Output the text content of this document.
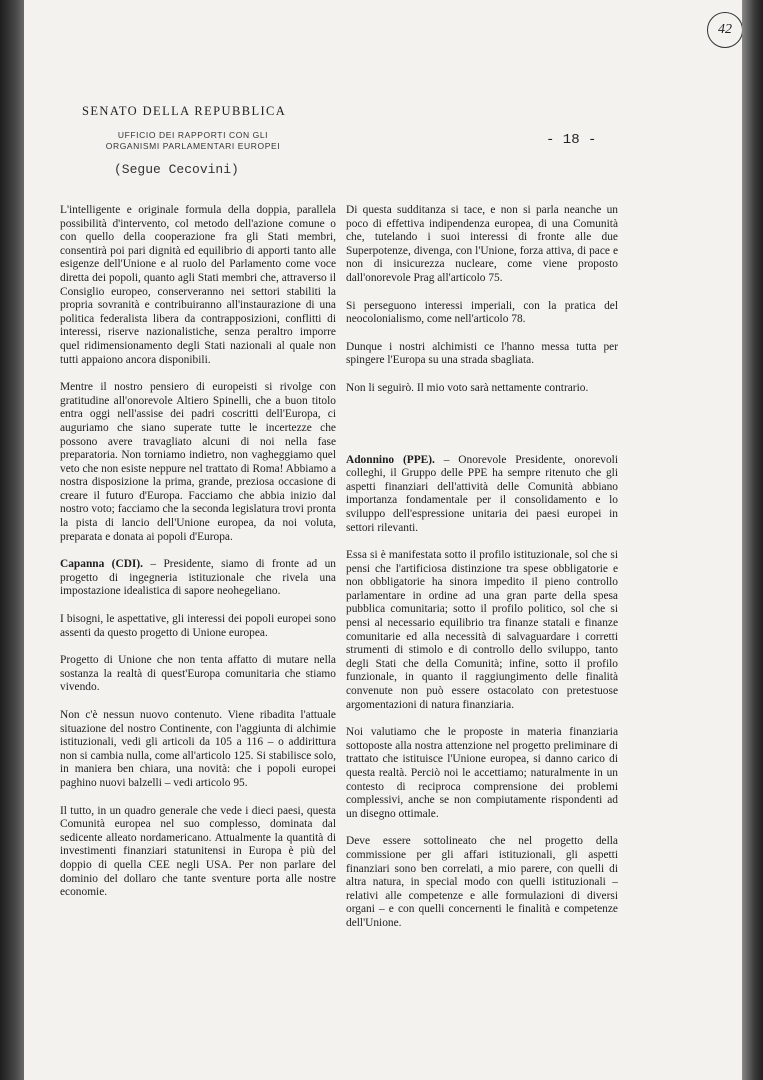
42
SENATO DELLA REPUBBLICA
UFFICIO DEI RAPPORTI CON GLI
ORGANISMI PARLAMENTARI EUROPEI	- 18 -
(Segue Cecovini)

L'intelligente e originale formula della doppia, parallela possibilità d'intervento, col metodo dell'azione comune o con quello della cooperazione fra gli Stati membri, consentirà poi pari dignità ed equilibrio di apporti tanto alle esigenze dell'Unione e al ruolo del Parlamento come voce diretta dei popoli, quanto agli Stati membri che, attraverso il Consiglio europeo, conserveranno nei settori stabiliti la propria sovranità e contribuiranno all'instaurazione di una politica federalista libera da contrapposizioni, conflitti di interessi, riserve nazionalistiche, senza peraltro imporre quel ridimensionamento degli Stati nazionali al quale non tutti appaiono ancora disponibili.

Mentre il nostro pensiero di europeisti si rivolge con gratitudine all'onorevole Altiero Spinelli, che a buon titolo entra oggi nell'assise dei padri coscritti dell'Europa, ci auguriamo che siano superate tutte le incertezze che possono avere travagliato alcuni di noi nella fase preparatoria. Non torniamo indietro, non vagheggiamo quel veto che non esiste neppure nel trattato di Roma! Abbiamo a nostra disposizione la prima, grande, preziosa occasione di creare il futuro d'Europa. Facciamo che abbia inizio dal nostro voto; facciamo che la seconda legislatura trovi pronta la pista di lancio dell'Unione europea, da noi voluta, preparata e donata ai popoli d'Europa.

Capanna (CDI). – Presidente, siamo di fronte ad un progetto di ingegneria istituzionale che rivela una impostazione idealistica di sapore neohegeliano.

I bisogni, le aspettative, gli interessi dei popoli europei sono assenti da questo progetto di Unione europea.

Progetto di Unione che non tenta affatto di mutare nella sostanza la realtà di quest'Europa comunitaria che stiamo vivendo.

Non c'è nessun nuovo contenuto. Viene ribadita l'attuale situazione del nostro Continente, con l'aggiunta di alchimie istituzionali, vedi gli articoli da 105 a 116 – o addirittura non si cambia nulla, come all'articolo 125. Si stabilisce solo, in maniera ben chiara, una novità: che i popoli europei paghino nuovi balzelli – vedi articolo 95.

Il tutto, in un quadro generale che vede i dieci paesi, questa Comunità europea nel suo complesso, dominata dal sedicente alleato nordamericano. Attualmente la quantità di investimenti finanziari statunitensi in Europa è più del doppio di quella CEE negli USA. Per non parlare del dominio del dollaro che tante sventure porta alle nostre economie.

Di questa sudditanza si tace, e non si parla neanche un poco di effettiva indipendenza europea, di una Comunità che, tutelando i suoi interessi di fronte alle due Superpotenze, divenga, con l'Unione, forza attiva, di pace e non di insicurezza nucleare, come viene proposto dall'onorevole Prag all'articolo 75.

Si perseguono interessi imperiali, con la pratica del neocolonialismo, come nell'articolo 78.

Dunque i nostri alchimisti ce l'hanno messa tutta per spingere l'Europa su una strada sbagliata.

Non li seguirò. Il mio voto sarà nettamente contrario.

Adonnino (PPE). – Onorevole Presidente, onorevoli colleghi, il Gruppo delle PPE ha sempre ritenuto che gli aspetti finanziari dell'attività delle Comunità abbiano importanza fondamentale per il consolidamento e lo sviluppo dell'espressione unitaria dei paesi europei in settori rilevanti.

Essa si è manifestata sotto il profilo istituzionale, sol che si pensi che l'artificiosa distinzione tra spese obbligatorie e non obbligatorie ha sinora impedito il pieno controllo parlamentare in ordine ad una gran parte della spesa pubblica comunitaria; sotto il profilo politico, sol che si pensi al necessario equilibrio tra finanze statali e finanze comunitarie ed alla necessità di salvaguardare i corretti strumenti di stimolo e di controllo dello sviluppo, tanto degli Stati che della Comunità; infine, sotto il profilo funzionale, in quanto il raggiungimento delle finalità convenute non può essere ostacolato con pretestuose argomentazioni di natura finanziaria.

Noi valutiamo che le proposte in materia finanziaria sottoposte alla nostra attenzione nel progetto preliminare di trattato che istituisce l'Unione europea, si danno carico di questa realtà. Perciò noi le accettiamo; naturalmente in un contesto di reciproca comprensione dei problemi complessivi, anche se non compiutamente rispondenti ad un disegno ottimale.

Deve essere sottolineato che nel progetto della commissione per gli affari istituzionali, gli aspetti finanziari sono ben correlati, a mio parere, con quelli di altra natura, in special modo con quelli istituzionali – relativi alle competenze e alle formulazioni di diversi organi – e con quelli concernenti le finalità e competenze dell'Unione.
